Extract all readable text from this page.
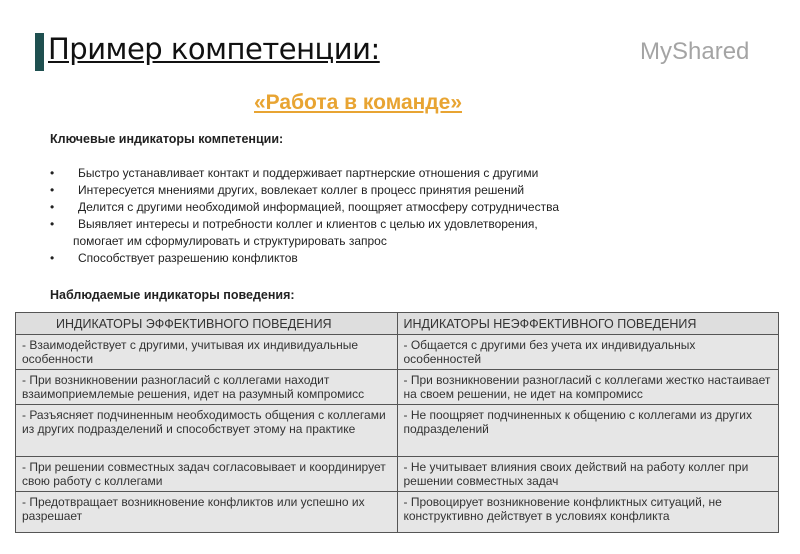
Пример компетенции:
«Работа в команде»
Ключевые индикаторы компетенции:
• Быстро устанавливает контакт и поддерживает партнерские отношения с другими
• Интересуется мнениями других, вовлекает коллег в процесс принятия решений
• Делится с другими необходимой информацией, поощряет атмосферу сотрудничества
• Выявляет интересы и потребности коллег и клиентов с целью их удовлетворения,
помогает им сформулировать и структурировать запрос
• Способствует разрешению конфликтов
Наблюдаемые индикаторы поведения:
ИНДИКАТОРЫ ЭФФЕКТИВНОГО ПОВЕДЕНИЯ	ИНДИКАТОРЫ НЕЭФФЕКТИВНОГО ПОВЕДЕНИЯ
- Взаимодействует с другими, учитывая их индивидуальные особенности	- Общается с другими без учета их индивидуальных особенностей
- При возникновении разногласий с коллегами находит взаимоприемлемые решения, идет на разумный компромисс	- При возникновении разногласий с коллегами жестко настаивает на своем решении, не идет на компромисс
- Разъясняет подчиненным необходимость общения с коллегами из других подразделений и способствует этому на практике	- Не поощряет подчиненных к общению с коллегами из других подразделений
- При решении совместных задач согласовывает и координирует свою работу с коллегами	- Не учитывает влияния своих действий на работу коллег при решении совместных задач
- Предотвращает возникновение конфликтов или успешно их разрешает	- Провоцирует возникновение конфликтных ситуаций, не конструктивно действует в условиях конфликта
MyShared
